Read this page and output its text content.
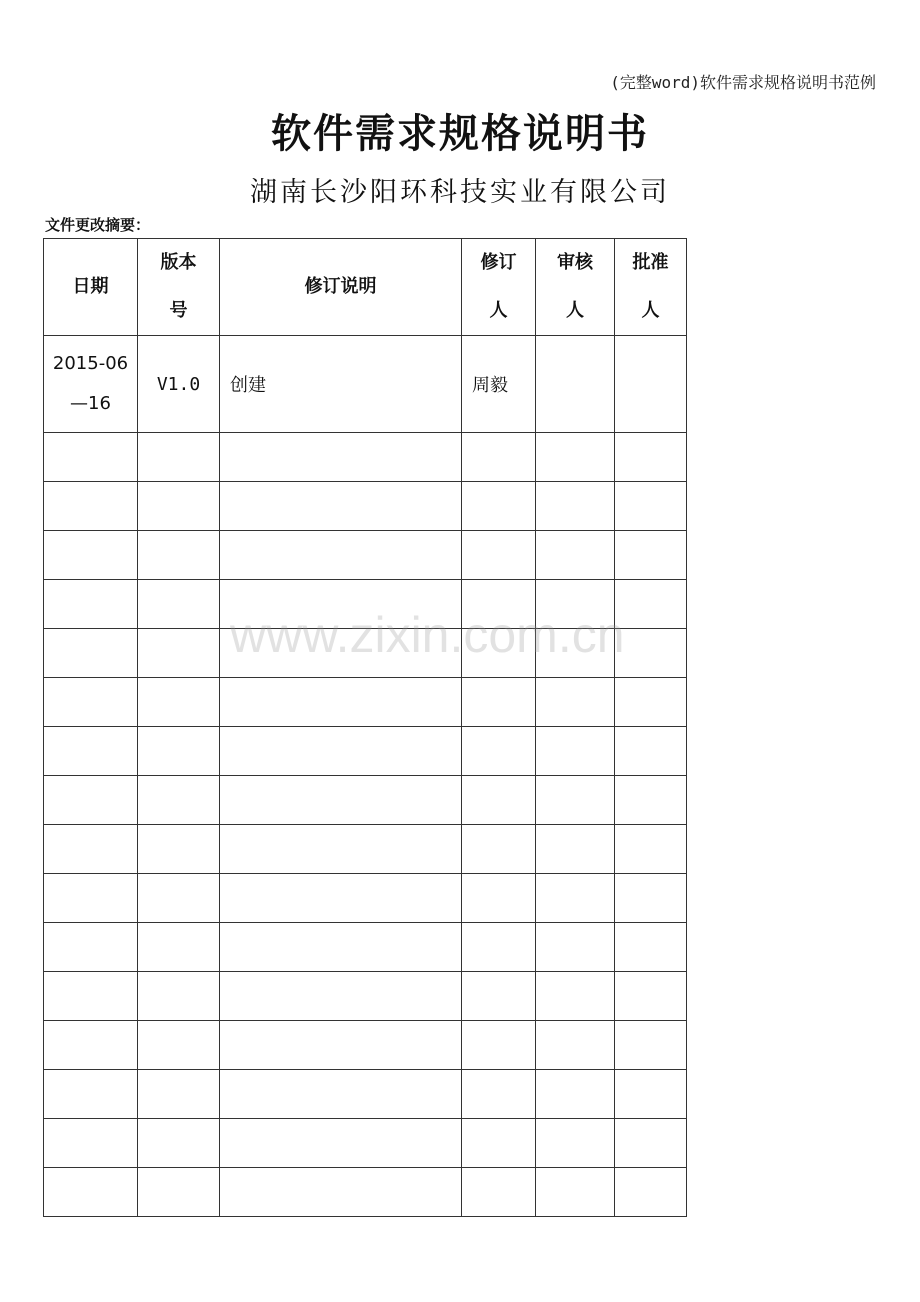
(完整word)软件需求规格说明书范例
软件需求规格说明书
湖南长沙阳环科技实业有限公司
文件更改摘要：
日期	版本号	修订说明	修订人	审核人	批准人
2015-06—16	V1.0	创建	周毅		

www.zixin.com.cn
